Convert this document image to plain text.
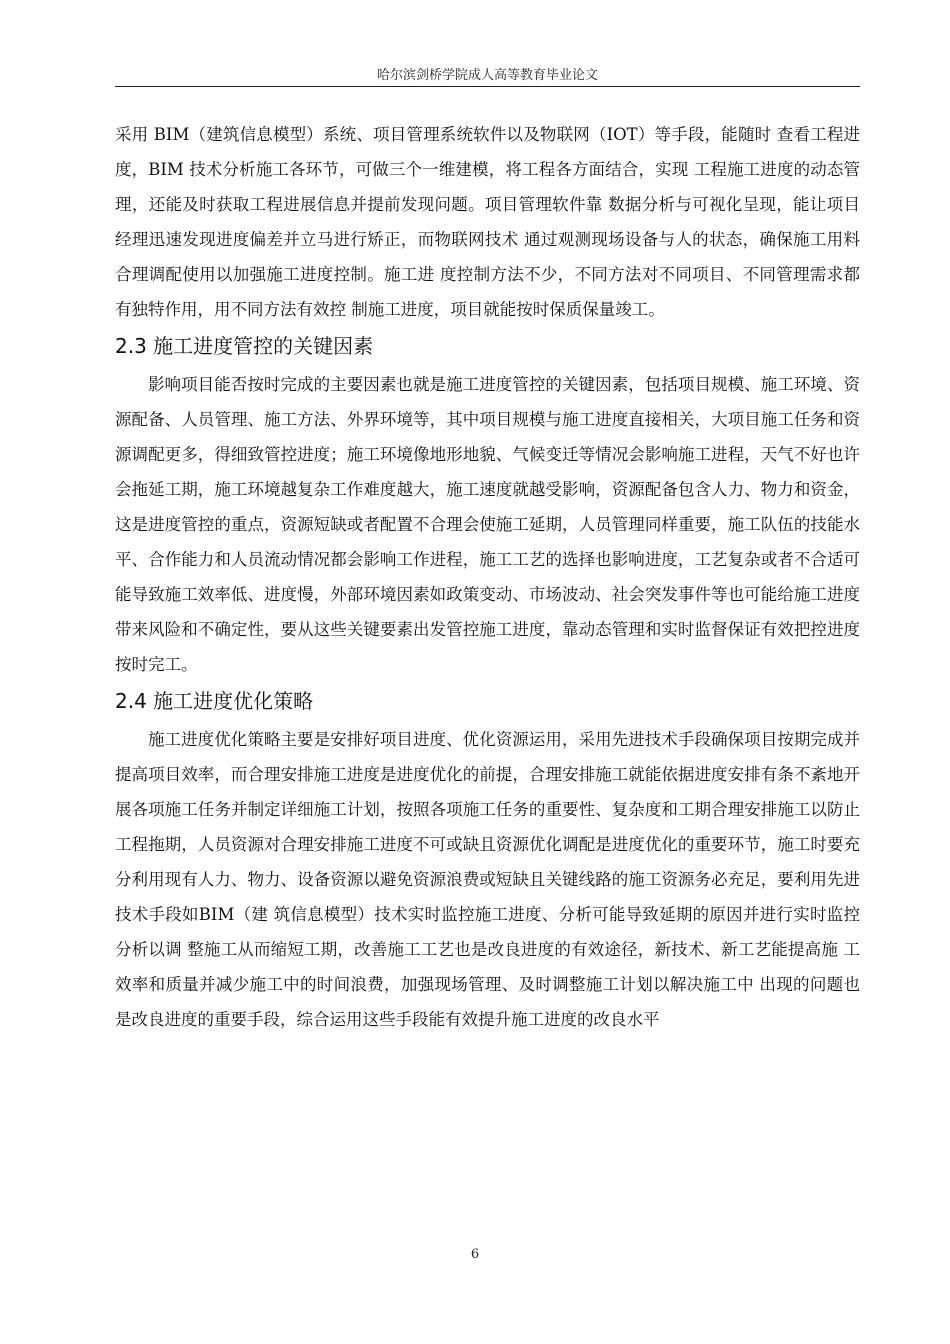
哈尔滨剑桥学院成人高等教育毕业论文

采用 BIM（建筑信息模型）系统、项目管理系统软件以及物联网（IOT）等手段，能随时 查看工程进度，BIM 技术分析施工各环节，可做三个一维建模，将工程各方面结合，实现 工程施工进度的动态管理，还能及时获取工程进展信息并提前发现问题。项目管理软件靠 数据分析与可视化呈现，能让项目经理迅速发现进度偏差并立马进行矫正，而物联网技术 通过观测现场设备与人的状态，确保施工用料合理调配使用以加强施工进度控制。施工进 度控制方法不少，不同方法对不同项目、不同管理需求都有独特作用，用不同方法有效控 制施工进度，项目就能按时保质保量竣工。

2.3 施工进度管控的关键因素

影响项目能否按时完成的主要因素也就是施工进度管控的关键因素，包括项目规模、施工环境、资源配备、人员管理、施工方法、外界环境等，其中项目规模与施工进度直接相关，大项目施工任务和资源调配更多，得细致管控进度；施工环境像地形地貌、气候变迁等情况会影响施工进程，天气不好也许会拖延工期，施工环境越复杂工作难度越大，施工速度就越受影响，资源配备包含人力、物力和资金，这是进度管控的重点，资源短缺或者配置不合理会使施工延期，人员管理同样重要，施工队伍的技能水平、合作能力和人员流动情况都会影响工作进程，施工工艺的选择也影响进度，工艺复杂或者不合适可能导致施工效率低、进度慢，外部环境因素如政策变动、市场波动、社会突发事件等也可能给施工进度带来风险和不确定性，要从这些关键要素出发管控施工进度，靠动态管理和实时监督保证有效把控进度按时完工。

2.4 施工进度优化策略

施工进度优化策略主要是安排好项目进度、优化资源运用，采用先进技术手段确保项目按期完成并提高项目效率，而合理安排施工进度是进度优化的前提，合理安排施工就能依据进度安排有条不紊地开展各项施工任务并制定详细施工计划，按照各项施工任务的重要性、复杂度和工期合理安排施工以防止工程拖期，人员资源对合理安排施工进度不可或缺且资源优化调配是进度优化的重要环节，施工时要充分利用现有人力、物力、设备资源以避免资源浪费或短缺且关键线路的施工资源务必充足，要利用先进技术手段如BIM（建 筑信息模型）技术实时监控施工进度、分析可能导致延期的原因并进行实时监控分析以调 整施工从而缩短工期，改善施工工艺也是改良进度的有效途径，新技术、新工艺能提高施 工效率和质量并减少施工中的时间浪费，加强现场管理、及时调整施工计划以解决施工中 出现的问题也是改良进度的重要手段，综合运用这些手段能有效提升施工进度的改良水平

6
